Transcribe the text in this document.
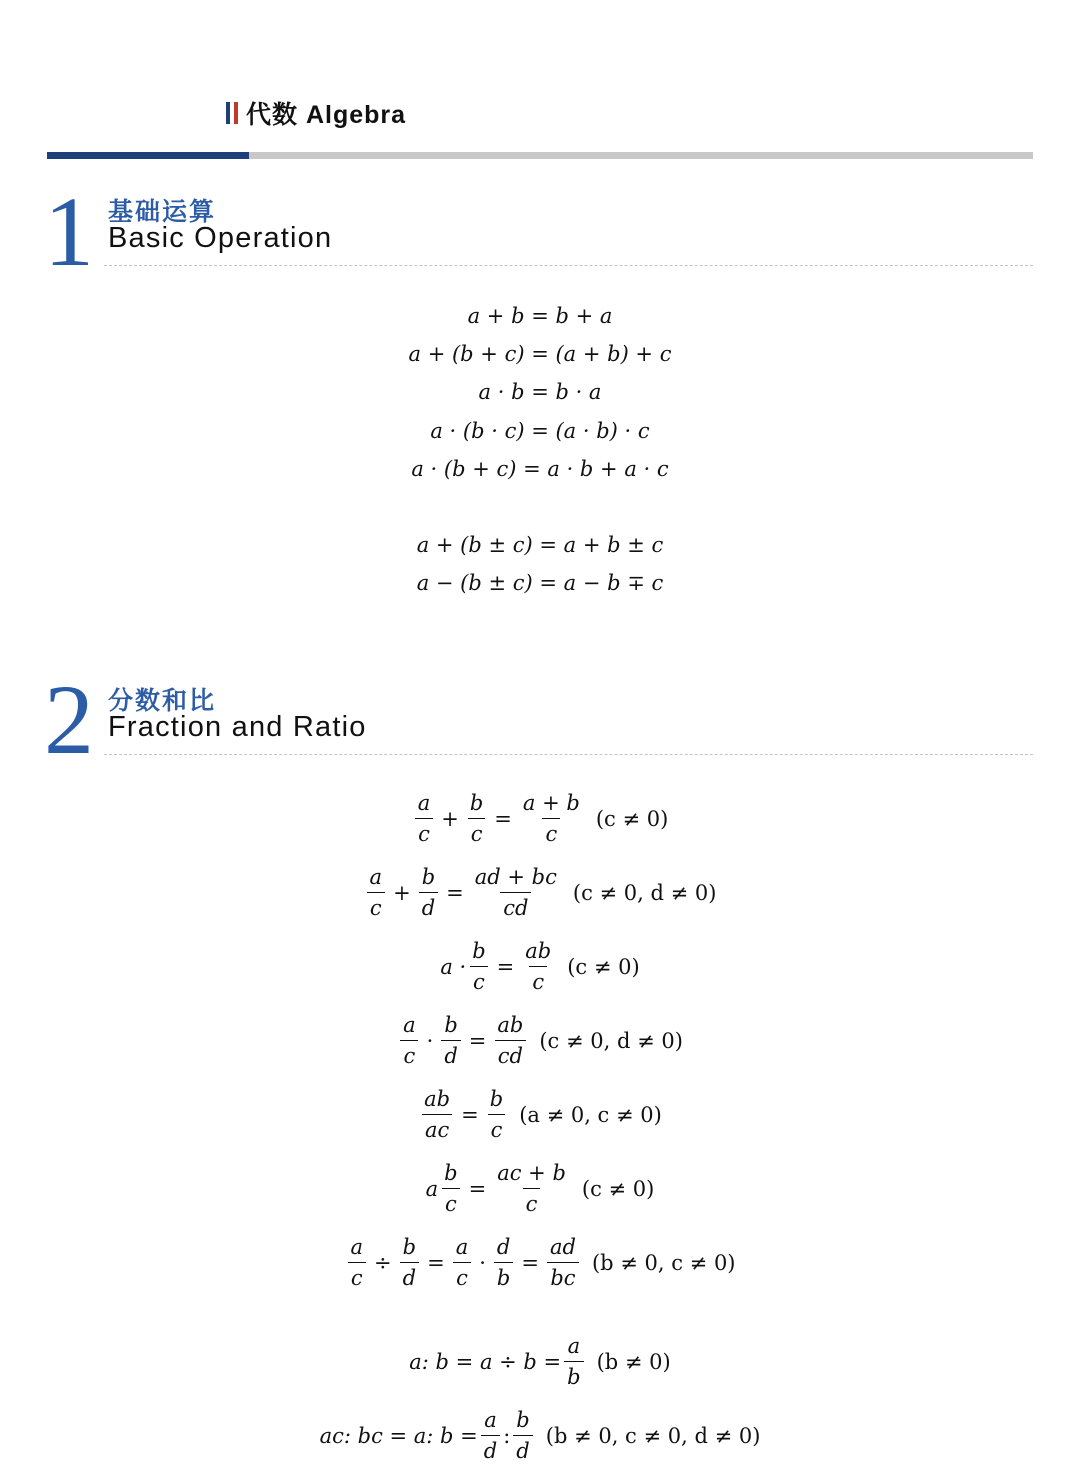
代数 Algebra
1 基础运算
Basic Operation
a + b = b + a
a + (b + c) = (a + b) + c
a · b = b · a
a · (b · c) = (a · b) · c
a · (b + c) = a · b + a · c
a + (b ± c) = a + b ± c
a − (b ± c) = a − b ∓ c
2 分数和比
Fraction and Ratio
$\frac{a}{c} + \frac{b}{c} = \frac{a + b}{c} (c \ne 0)$
$\frac{a}{c} + \frac{b}{d} = \frac{ad + bc}{cd} (c \ne 0$, d ≠ 0)
$a \cdot \frac{b}{c} = \frac{ab}{c} (c \ne 0)$
$\frac{a}{c} \cdot \frac{b}{d} = \frac{ab}{cd} (c \ne 0$, d ≠ 0)
$\frac{ab}{ac} = \frac{b}{c} (a \ne 0$, c ≠ 0)
a $\frac{b}{c} = \frac{ac + b}{c} (c \ne 0)$
$\frac{a}{c} \div \frac{b}{d} = \frac{a}{c} \cdot \frac{d}{b} = \frac{ad}{bc} (b \ne 0$, c ≠ 0)
a: $b = a \div b = \frac{a}{b} (b \ne 0)$
ac: bc = a: $b = \frac{a}{d}$ : $\frac{b}{d} (b \ne 0$, c ≠ 0, d ≠ 0)
